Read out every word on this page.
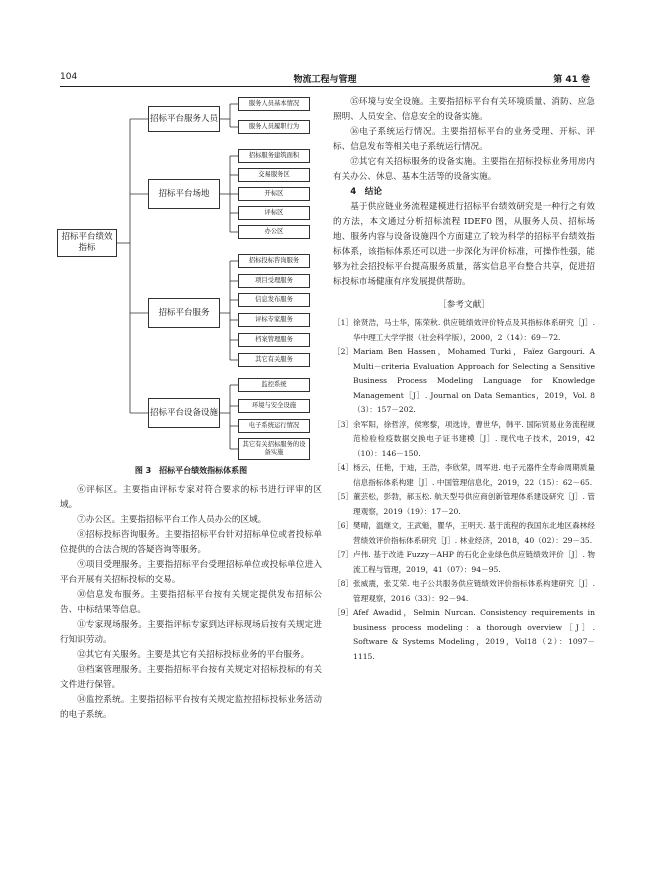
104	物流工程与管理	第 41 卷
招标平台绩效指标
招标平台服务人员
招标平台场地
招标平台服务
招标平台设备设施
服务人员基本情况
服务人员履职行为
招标服务建筑面积
交易服务区
开标区
评标区
办公区
招标投标咨询服务
项目受理服务
信息发布服务
评标专家服务
档案管理服务
其它有关服务
监控系统
环境与安全设施
电子系统运行情况
其它有关招标服务的设备实施
图 3　招标平台绩效指标体系图

⑥评标区。主要指由评标专家对符合要求的标书进行评审的区域。

⑦办公区。主要指招标平台工作人员办公的区域。

⑧招标投标咨询服务。主要指招标平台针对招标单位或者投标单位提供的合法合规的答疑咨询等服务。

⑨项目受理服务。主要指招标平台受理招标单位或投标单位进入平台开展有关招标投标的交易。

⑩信息发布服务。主要指招标平台按有关规定提供发布招标公告、中标结果等信息。

⑪专家现场服务。主要指评标专家到达评标现场后按有关规定进行知识劳动。

⑫其它有关服务。主要是其它有关招标投标业务的平台服务。

⑬档案管理服务。主要指招标平台按有关规定对招标投标的有关文件进行保管。

⑭监控系统。主要指招标平台按有关规定监控招标投标业务活动的电子系统。

⑮环境与安全设施。主要指招标平台有关环境质量、消防、应急照明、人员安全、信息安全的设备实施。

⑯电子系统运行情况。主要指招标平台的业务受理、开标、评标、信息发布等相关电子系统运行情况。

⑰其它有关招标服务的设备实施。主要指在招标投标业务用房内有关办公、休息、基本生活等的设备实施。

4　结论

基于供应链业务流程建模进行招标平台绩效研究是一种行之有效的方法，本文通过分析招标流程 IDEF0 图，从服务人员、招标场地、服务内容与设备设施四个方面建立了较为科学的招标平台绩效指标体系，该指标体系还可以进一步深化为评价标准，可操作性强，能够为社会招投标平台提高服务质量，落实信息平台整合共享，促进招标投标市场健康有序发展提供帮助。

［参考文献］
［1］ 徐贤浩，马士华，陈荣秋. 供应链绩效评价特点及其指标体系研究［J］. 华中理工大学学报（社会科学版），2000，2（14）：69－72.
［2］ Mariam Ben Hassen，Mohamed Turki，Faïez Gargouri. A Multi－criteria Evaluation Approach for Selecting a Sensitive Business Process Modeling Language for Knowledge Management［J］. Journal on Data Semantics，2019，Vol. 8（3）：157－202.
［3］ 余军阳，徐哲淳，侯寒黎，项选诗，曹世华，韩平. 国际贸易业务流程规范检验检疫数据交换电子证书建模［J］. 现代电子技术，2019，42（10）：146－150.
［4］ 杨云，任艳，于迪，王浩，李欣荣，周军进. 电子元器件全寿命周期质量信息指标体系构建［J］. 中国管理信息化，2019，22（15）：62－65.
［5］ 董芸松，彭勃，郝玉松. 航天型号供应商创新管理体系建设研究［J］. 管理观察，2019（19）：17－20.
［6］ 樊晴，温继文，王武魁，瞿华，王明天. 基于流程的我国东北地区森林经营绩效评价指标体系研究［J］. 林业经济，2018，40（02）：29－35.
［7］ 卢伟. 基于改进 Fuzzy－AHP 的石化企业绿色供应链绩效评价［J］. 物流工程与管理，2019，41（07）：94－95.
［8］ 张威震，张艾荣. 电子公共服务供应链绩效评价指标体系构建研究［J］. 管理观察，2016（33）：92－94.
［9］ Afef Awadid，Selmin Nurcan. Consistency requirements in business process modeling：a thorough overview［J］. Software & Systems Modeling，2019，Vol18（2）：1097－1115.
